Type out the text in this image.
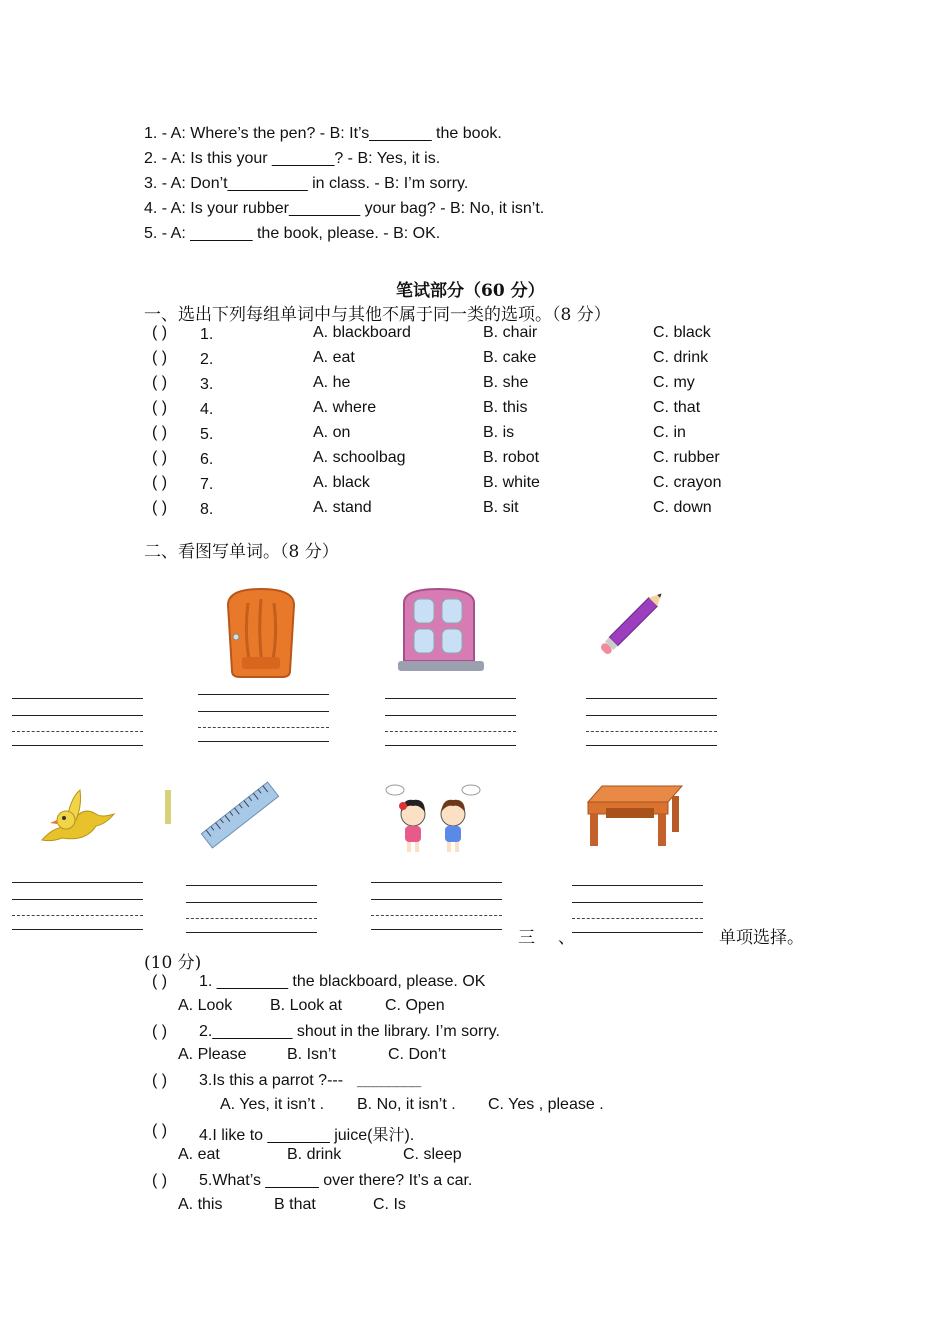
1. - A: Where’s the pen? - B: It’s_______ the book.
2. - A: Is this your _______? - B: Yes, it is.
3. - A: Don’t_________ in class. - B: I’m sorry.
4. - A: Is your rubber________ your bag? - B: No, it isn’t.
5. - A: _______ the book, please. - B: OK.
笔试部分（60 分）
一、选出下列每组单词中与其他不属于同一类的选项。（8 分）
( ) 1.	A. blackboard	B. chair	C. black
( ) 2.	A. eat	B. cake	C. drink
( ) 3.	A. he	B. she	C. my
( ) 4.	A. where	B. this	C. that
( ) 5.	A. on	B. is	C. in
( ) 6.	A. schoolbag	B. robot	C. rubber
( ) 7.	A. black	B. white	C. crayon
( ) 8.	A. stand	B. sit	C. down
二、看图写单词。（8 分）
三 、	单项选择。
(10 分)
( ) 1. ________ the blackboard, please. OK
A. Look B. Look at	C. Open
( ) 2._________ shout in the library. I’m sorry.
A. Please	B. Isn’t	C. Don’t
( ) 3.Is this a parrot ?--- ________
A. Yes, it isn’t . B. No, it isn’t . C. Yes , please .
( ) 4.I like to _______ juice(果汁).
A. eat	B. drink	C. sleep
( ) 5.What’s ______ over there? It’s a car.
A. this	B that	C. Is
